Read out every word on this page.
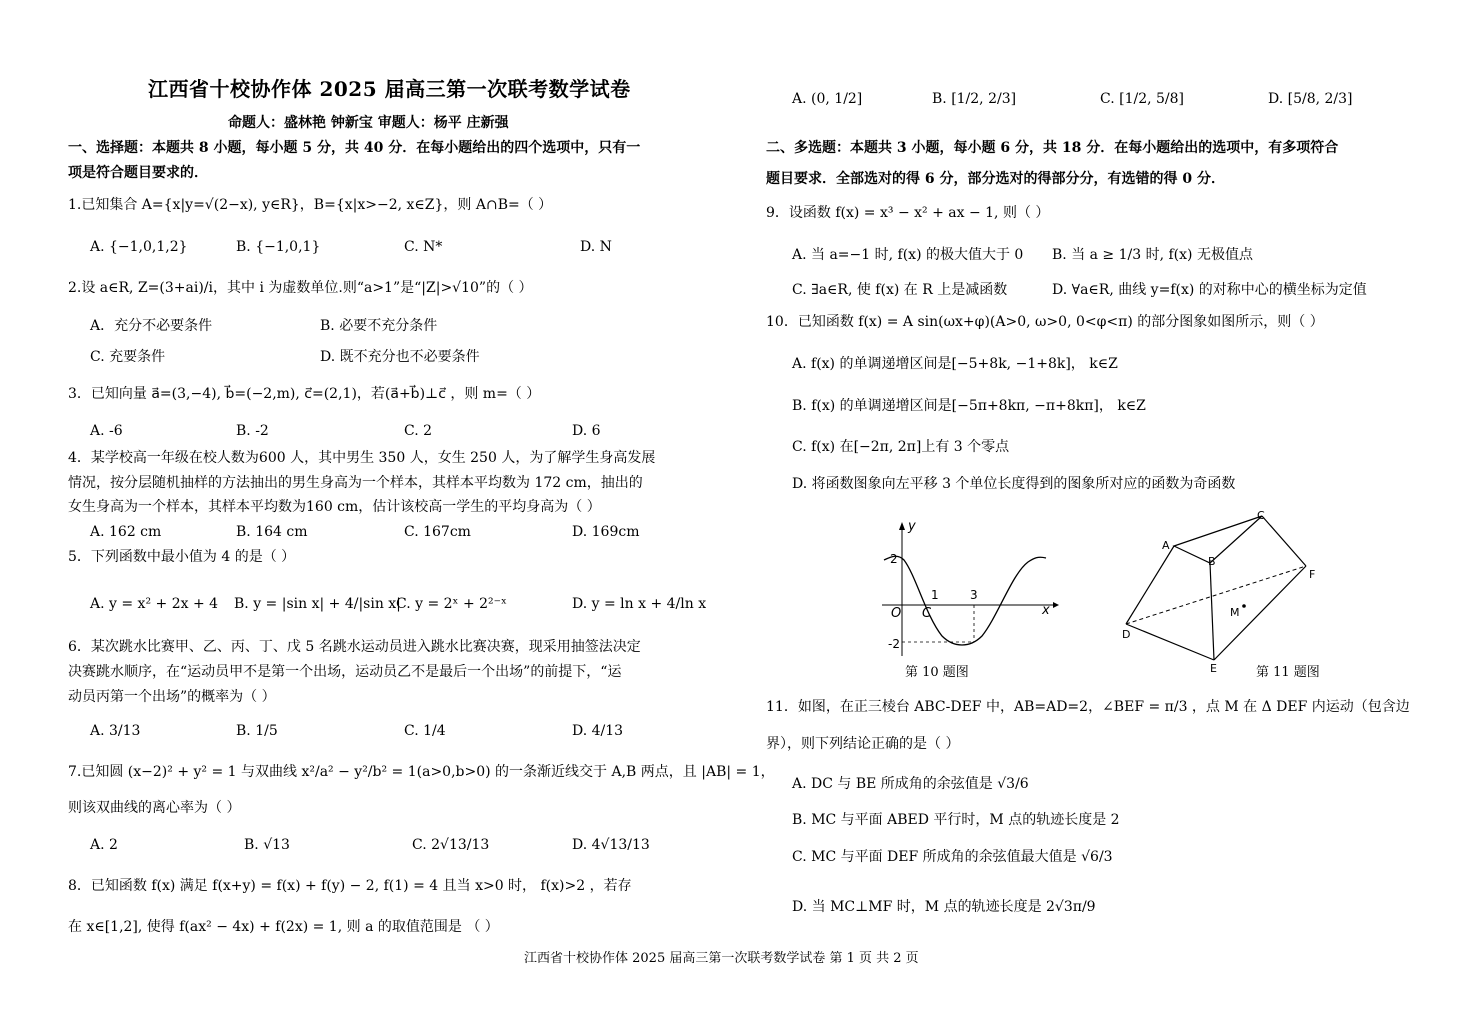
江西省十校协作体 2025 届高三第一次联考数学试卷
命题人：盛林艳 钟新宝 审题人：杨平 庄新强
一、选择题：本题共 8 小题，每小题 5 分，共 40 分．在每小题给出的四个选项中，只有一
项是符合题目要求的．
1.已知集合 A={x|y=√(2−x), y∈R}，B={x|x>−2, x∈Z}，则 A∩B=（ ）
A. {−1,0,1,2}	B. {−1,0,1}	C. N*	D. N
2.设 a∈R, Z=(3+ai)/i，其中 i 为虚数单位.则“a>1”是“|Z|>√10”的（ ）
A．充分不必要条件	B. 必要不充分条件
C. 充要条件	D. 既不充分也不必要条件
3．已知向量 a⃗=(3,−4), b⃗=(−2,m), c⃗=(2,1)，若(a⃗+b⃗)⊥c⃗ ，则 m=（ ）
A. -6	B. -2	C. 2	D. 6
4．某学校高一年级在校人数为600 人，其中男生 350 人，女生 250 人，为了解学生身高发展
情况，按分层随机抽样的方法抽出的男生身高为一个样本，其样本平均数为 172 cm，抽出的
女生身高为一个样本，其样本平均数为160 cm，估计该校高一学生的平均身高为（ ）
A. 162 cm	B. 164 cm	C. 167cm	D. 169cm
5．下列函数中最小值为 4 的是（ ）
A. y = x² + 2x + 4 B. y = |sin x| + 4/|sin x|
C. y = 2ˣ + 2²⁻ˣ	D. y = ln x + 4/ln x
6．某次跳水比赛甲、乙、丙、丁、戊 5 名跳水运动员进入跳水比赛决赛，现采用抽签法决定
决赛跳水顺序，在“运动员甲不是第一个出场，运动员乙不是最后一个出场”的前提下，“运
动员丙第一个出场”的概率为（ ）
A. 3/13	B. 1/5	C. 1/4	D. 4/13
7.已知圆 (x−2)² + y² = 1 与双曲线 x²/a² − y²/b² = 1(a>0,b>0) 的一条渐近线交于 A,B 两点，且 |AB| = 1，
则该双曲线的离心率为（ ）
A. 2	B. √13	C. 2√13/13	D. 4√13/13
8．已知函数 f(x) 满足 f(x+y) = f(x) + f(y) − 2, f(1) = 4 且当 x>0 时， f(x)>2 ，若存
在 x∈[1,2], 使得 f(ax² − 4x) + f(2x) = 1, 则 a 的取值范围是 （ ）
A. (0, 1/2]	B. [1/2, 2/3]	C. [1/2, 5/8]	D. [5/8, 2/3]
二、多选题：本题共 3 小题，每小题 6 分，共 18 分．在每小题给出的选项中，有多项符合
题目要求．全部选对的得 6 分，部分选对的得部分分，有选错的得 0 分．
9．设函数 f(x) = x³ − x² + ax − 1, 则（ ）
A. 当 a=−1 时, f(x) 的极大值大于 0 B. 当 a ≥ 1/3 时, f(x) 无极值点
C. ∃a∈R, 使 f(x) 在 R 上是减函数	D. ∀a∈R, 曲线 y=f(x) 的对称中心的横坐标为定值
10．已知函数 f(x) = A sin(ωx+φ)(A>0, ω>0, 0<φ<π) 的部分图象如图所示，则（ ）
A. f(x) 的单调递增区间是[−5+8k, −1+8k]， k∈Z
B. f(x) 的单调递增区间是[−5π+8kπ, −π+8kπ]， k∈Z
C. f(x) 在[−2π, 2π]上有 3 个零点
D. 将函数图象向左平移 3 个单位长度得到的图象所对应的函数为奇函数
y
x
O C
2
-2
1	3
第 10 题图
A
B
C
D
E
F
M
第 11 题图
11．如图，在正三棱台 ABC-DEF 中，AB=AD=2，∠BEF = π/3 ，点 M 在 Δ DEF 内运动（包含边
界），则下列结论正确的是（ ）
A. DC 与 BE 所成角的余弦值是 √3/6
B. MC 与平面 ABED 平行时，M 点的轨迹长度是 2
C. MC 与平面 DEF 所成角的余弦值最大值是 √6/3
D. 当 MC⊥MF 时，M 点的轨迹长度是 2√3π/9
江西省十校协作体 2025 届高三第一次联考数学试卷 第 1 页 共 2 页
